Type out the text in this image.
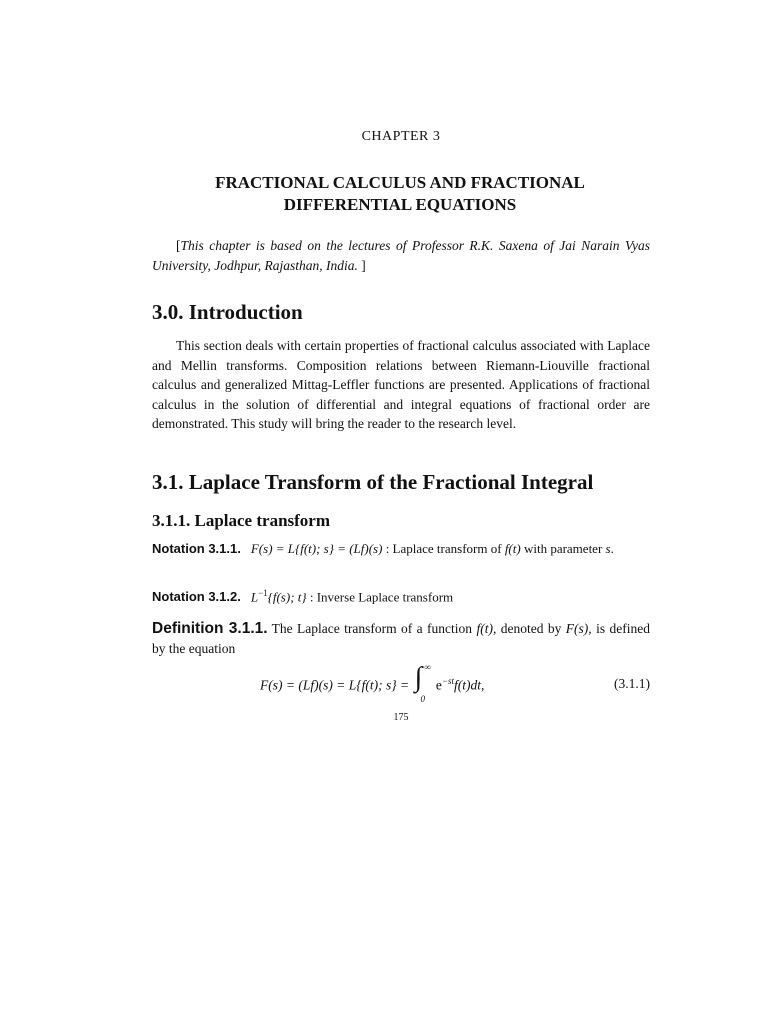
CHAPTER 3
FRACTIONAL CALCULUS AND FRACTIONAL
DIFFERENTIAL EQUATIONS
[This chapter is based on the lectures of Professor R.K. Saxena of Jai Narain Vyas University, Jodhpur, Rajasthan, India. ]
3.0. Introduction
This section deals with certain properties of fractional calculus associated with Laplace and Mellin transforms. Composition relations between Riemann-Liouville fractional calculus and generalized Mittag-Leffler functions are presented. Applications of fractional calculus in the solution of differential and integral equations of fractional order are demonstrated. This study will bring the reader to the research level.
3.1. Laplace Transform of the Fractional Integral
3.1.1. Laplace transform
Notation 3.1.1. F(s) = L{f(t); s} = (Lf)(s) : Laplace transform of f(t) with parameter s.
Notation 3.1.2. $L^{-1}\{f(s)$; t} : Inverse Laplace transform
Definition 3.1.1. The Laplace transform of a function f(t), denoted by F(s), is defined by the equation
F(s) = (Lf)(s) = L{f(t); s} = ∫ ∞
0
$e^{-st}f(t)dt$,	(3.1.1)
175
